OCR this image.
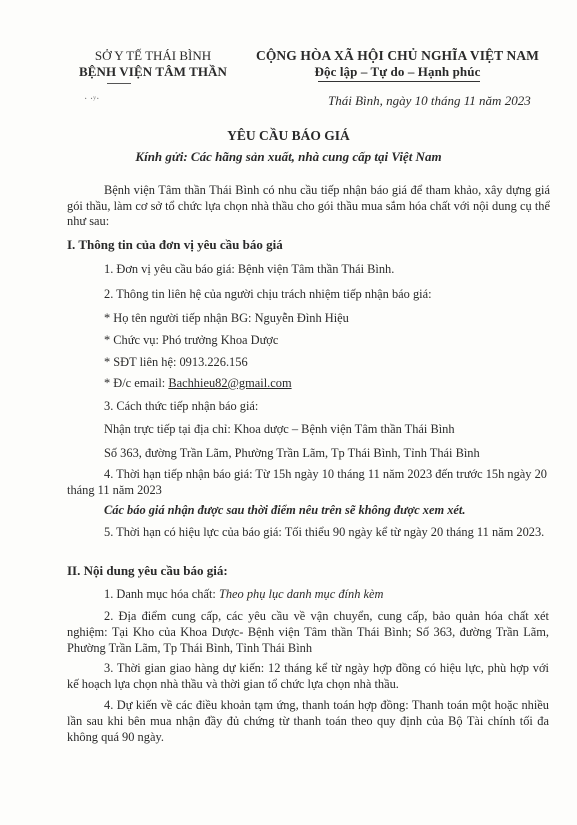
SỞ Y TẾ THÁI BÌNH
BỆNH VIỆN TÂM THẦN
CỘNG HÒA XÃ HỘI CHỦ NGHĨA VIỆT NAM
Độc lập – Tự do – Hạnh phúc
· ·ʸ·	Thái Bình, ngày 10 tháng 11 năm 2023
YÊU CẦU BÁO GIÁ
Kính gửi: Các hãng sản xuất, nhà cung cấp tại Việt Nam
Bệnh viện Tâm thần Thái Bình có nhu cầu tiếp nhận báo giá để tham khảo, xây dựng giá gói thầu, làm cơ sở tổ chức lựa chọn nhà thầu cho gói thầu mua sắm hóa chất với nội dung cụ thể như sau:
I. Thông tin của đơn vị yêu cầu báo giá
1. Đơn vị yêu cầu báo giá: Bệnh viện Tâm thần Thái Bình.
2. Thông tin liên hệ của người chịu trách nhiệm tiếp nhận báo giá:
* Họ tên người tiếp nhận BG: Nguyễn Đình Hiệu
* Chức vụ: Phó trưởng Khoa Dược
* SĐT liên hệ: 0913.226.156
* Đ/c email: Bachhieu82@gmail.com
3. Cách thức tiếp nhận báo giá:
Nhận trực tiếp tại địa chỉ: Khoa dược – Bệnh viện Tâm thần Thái Bình
Số 363, đường Trần Lãm, Phường Trần Lãm, Tp Thái Bình, Tỉnh Thái Bình
4. Thời hạn tiếp nhận báo giá: Từ 15h ngày 10 tháng 11 năm 2023 đến trước 15h ngày 20 tháng 11 năm 2023
Các báo giá nhận được sau thời điểm nêu trên sẽ không được xem xét.
5. Thời hạn có hiệu lực của báo giá: Tối thiểu 90 ngày kể từ ngày 20 tháng 11 năm 2023.
II. Nội dung yêu cầu báo giá:
1. Danh mục hóa chất: Theo phụ lục danh mục đính kèm
2. Địa điểm cung cấp, các yêu cầu về vận chuyển, cung cấp, bảo quản hóa chất xét nghiệm: Tại Kho của Khoa Dược- Bệnh viện Tâm thần Thái Bình; Số 363, đường Trần Lãm, Phường Trần Lãm, Tp Thái Bình, Tỉnh Thái Bình
3. Thời gian giao hàng dự kiến: 12 tháng kể từ ngày hợp đồng có hiệu lực, phù hợp với kế hoạch lựa chọn nhà thầu và thời gian tổ chức lựa chọn nhà thầu.
4. Dự kiến về các điều khoản tạm ứng, thanh toán hợp đồng: Thanh toán một hoặc nhiều lần sau khi bên mua nhận đầy đủ chứng từ thanh toán theo quy định của Bộ Tài chính tối đa không quá 90 ngày.
